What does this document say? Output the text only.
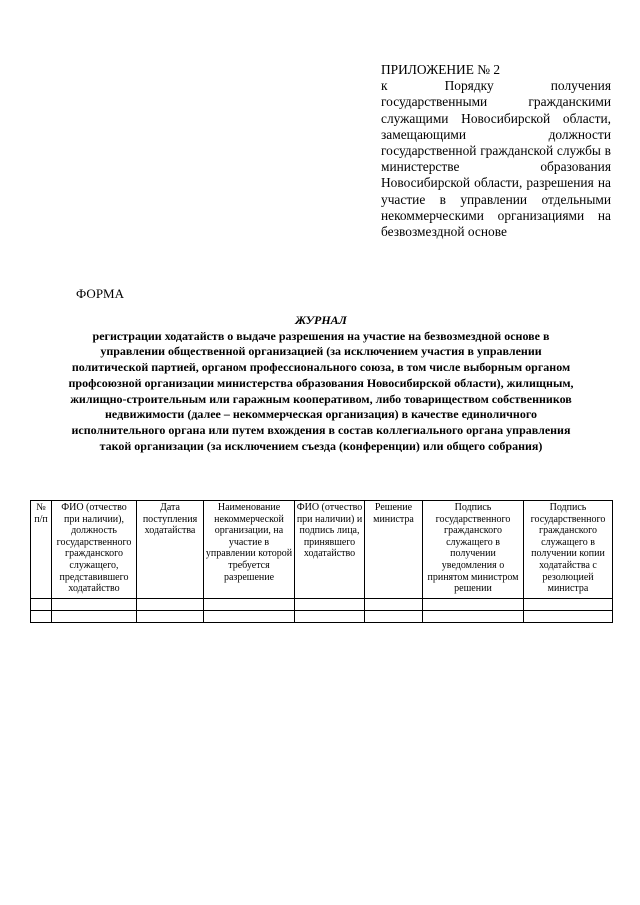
ПРИЛОЖЕНИЕ № 2
к Порядку получения государственными гражданскими служащими Новосибирской области, замещающими должности государственной гражданской службы в министерстве образования Новосибирской области, разрешения на участие в управлении отдельными некоммерческими организациями на безвозмездной основе
ФОРМА
ЖУРНАЛ
регистрации ходатайств о выдаче разрешения на участие на безвозмездной основе в управлении общественной организацией (за исключением участия в управлении политической партией, органом профессионального союза, в том числе выборным органом профсоюзной организации министерства образования Новосибирской области), жилищным, жилищно-строительным или гаражным кооперативом, либо товариществом собственников недвижимости (далее – некоммерческая организация) в качестве единоличного исполнительного органа или путем вхождения в состав коллегиального органа управления такой организации (за исключением съезда (конференции) или общего собрания)
№ п/п	ФИО (отчество при наличии), должность государственного гражданского служащего, представившего ходатайство	Дата поступления ходатайства	Наименование некоммерческой организации, на участие в управлении которой требуется разрешение	ФИО (отчество при наличии) и подпись лица, принявшего ходатайство	Решение министра	Подпись государственного гражданского служащего в получении уведомления о принятом министром решении	Подпись государственного гражданского служащего в получении копии ходатайства с резолюцией министра
